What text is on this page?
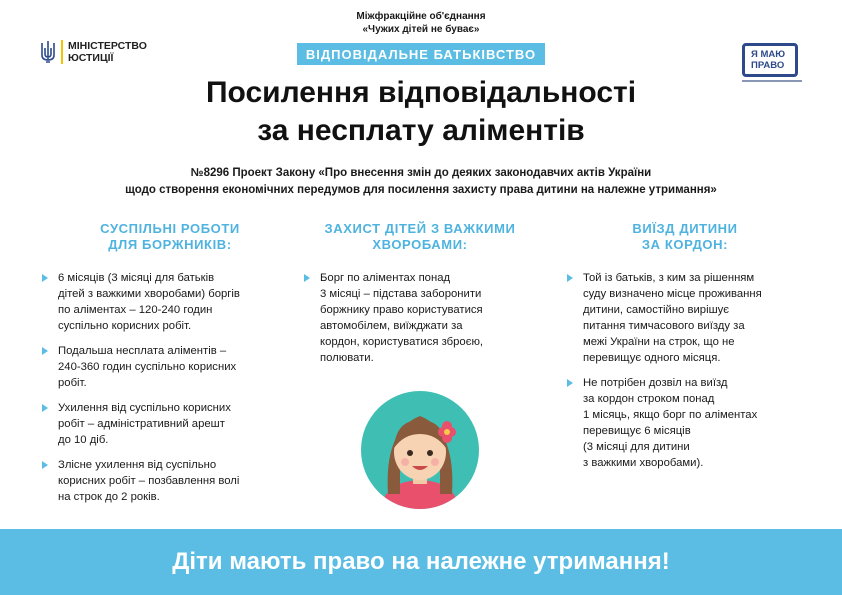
Міжфракційне об'єднання
«Чужих дітей не буває»
МІНІСТЕРСТВО
ЮСТИЦІЇ	ВІДПОВІДАЛЬНЕ БАТЬКІВСТВО	Я МАЮ
ПРАВО
Посилення відповідальності
за несплату аліментів
№8296 Проект Закону «Про внесення змін до деяких законодавчих актів України
щодо створення економічних передумов для посилення захисту права дитини на належне утримання»
СУСПІЛЬНІ РОБОТИ
ДЛЯ БОРЖНИКІВ:
6 місяців (3 місяці для батьків
дітей з важкими хворобами) боргів
по аліментах – 120-240 годин
суспільно корисних робіт.
Подальша несплата аліментів –
240-360 годин суспільно корисних
робіт.
Ухилення від суспільно корисних
робіт – адміністративний арешт
до 10 діб.
Злісне ухилення від суспільно
корисних робіт – позбавлення волі
на строк до 2 років.
ЗАХИСТ ДІТЕЙ З ВАЖКИМИ
ХВОРОБАМИ:
Борг по аліментах понад
3 місяці – підстава заборонити
боржнику право користуватися
автомобілем, виїжджати за
кордон, користуватися зброєю,
полювати.
ВИЇЗД ДИТИНИ
ЗА КОРДОН:
Той із батьків, з ким за рішенням
суду визначено місце проживання
дитини, самостійно вирішує
питання тимчасового виїзду за
межі України на строк, що не
перевищує одного місяця.
Не потрібен дозвіл на виїзд
за кордон строком понад
1 місяць, якщо борг по аліментах
перевищує 6 місяців
(3 місяці для дитини
з важкими хворобами).
Діти мають право на належне утримання!
